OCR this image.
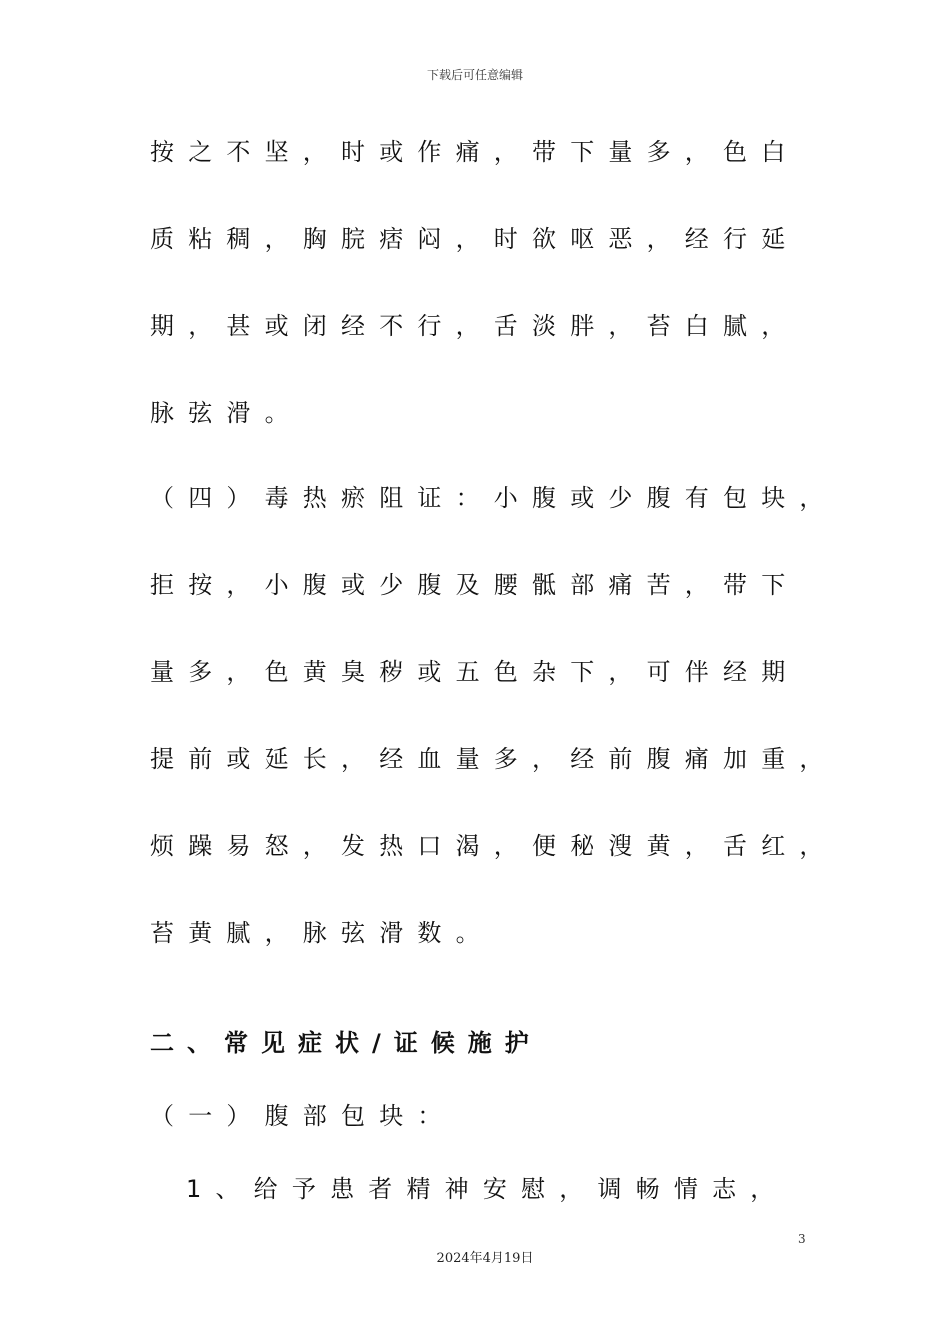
下载后可任意编辑
按之不坚，时或作痛，带下量多，色白
质粘稠，胸脘痞闷，时欲呕恶，经行延
期，甚或闭经不行，舌淡胖，苔白腻，
脉弦滑。
（四）毒热瘀阻证：小腹或少腹有包块，
拒按，小腹或少腹及腰骶部痛苦，带下
量多，色黄臭秽或五色杂下，可伴经期
提前或延长，经血量多，经前腹痛加重，
烦躁易怒，发热口渴，便秘溲黄，舌红，
苔黄腻，脉弦滑数。
二、常见症状/证候施护
（一）腹部包块：
1、给予患者精神安慰，调畅情志，
3
2024年4月19日
